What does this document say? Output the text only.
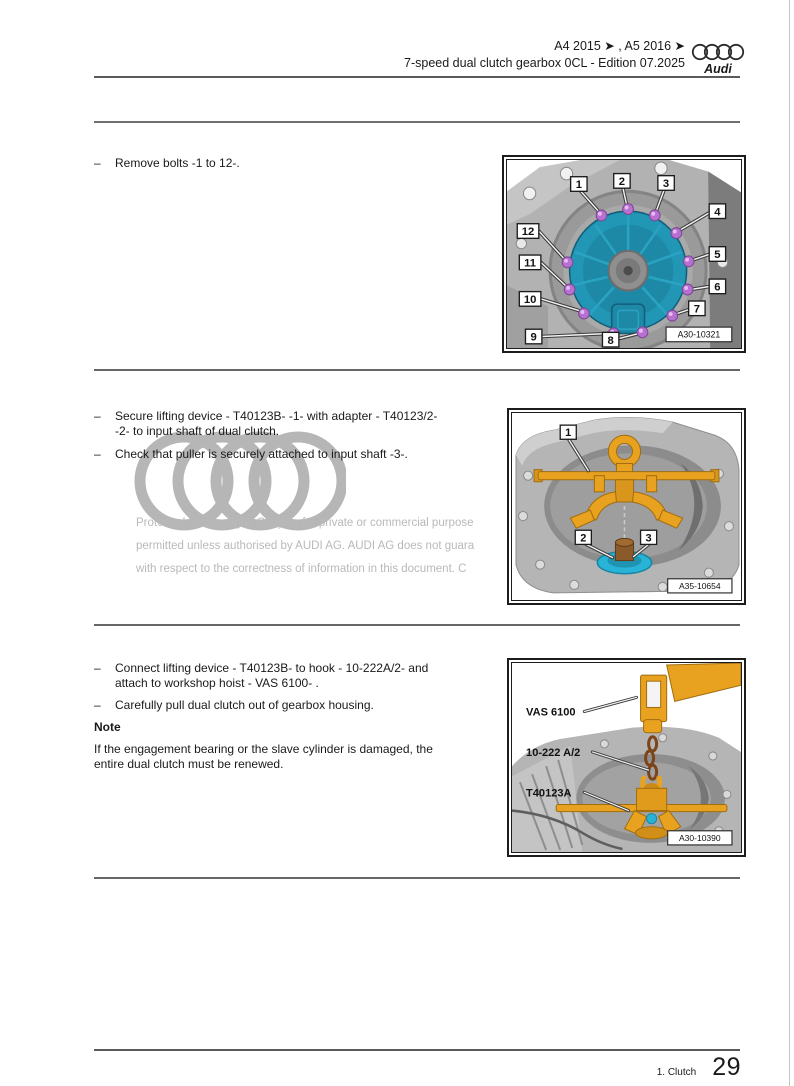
A4 2015 ➤ , A5 2016 ➤
7-speed dual clutch gearbox 0CL - Edition 07.2025 Audi
Protected by copyright. Copying for private or commercial purpose
permitted unless authorised by AUDI AG. AUDI AG does not guara
with respect to the correctness of information in this document. C
– Remove bolts -1 to 12-.
1	2	3
4
5
6
7
8
9
10
11
12
A30-10321
– Secure lifting device - T40123B- -1- with adapter - T40123/2-
-2- to input shaft of dual clutch.
– Check that puller is securely attached to input shaft -3-.
1
2	3
A35-10654
– Connect lifting device - T40123B- to hook - 10-222A/2- and
attach to workshop hoist - VAS 6100- .
– Carefully pull dual clutch out of gearbox housing.
Note
If the engagement bearing or the slave cylinder is damaged, the
entire dual clutch must be renewed.
VAS 6100
10-222 A/2
T40123A
A30-10390
1. Clutch 29
